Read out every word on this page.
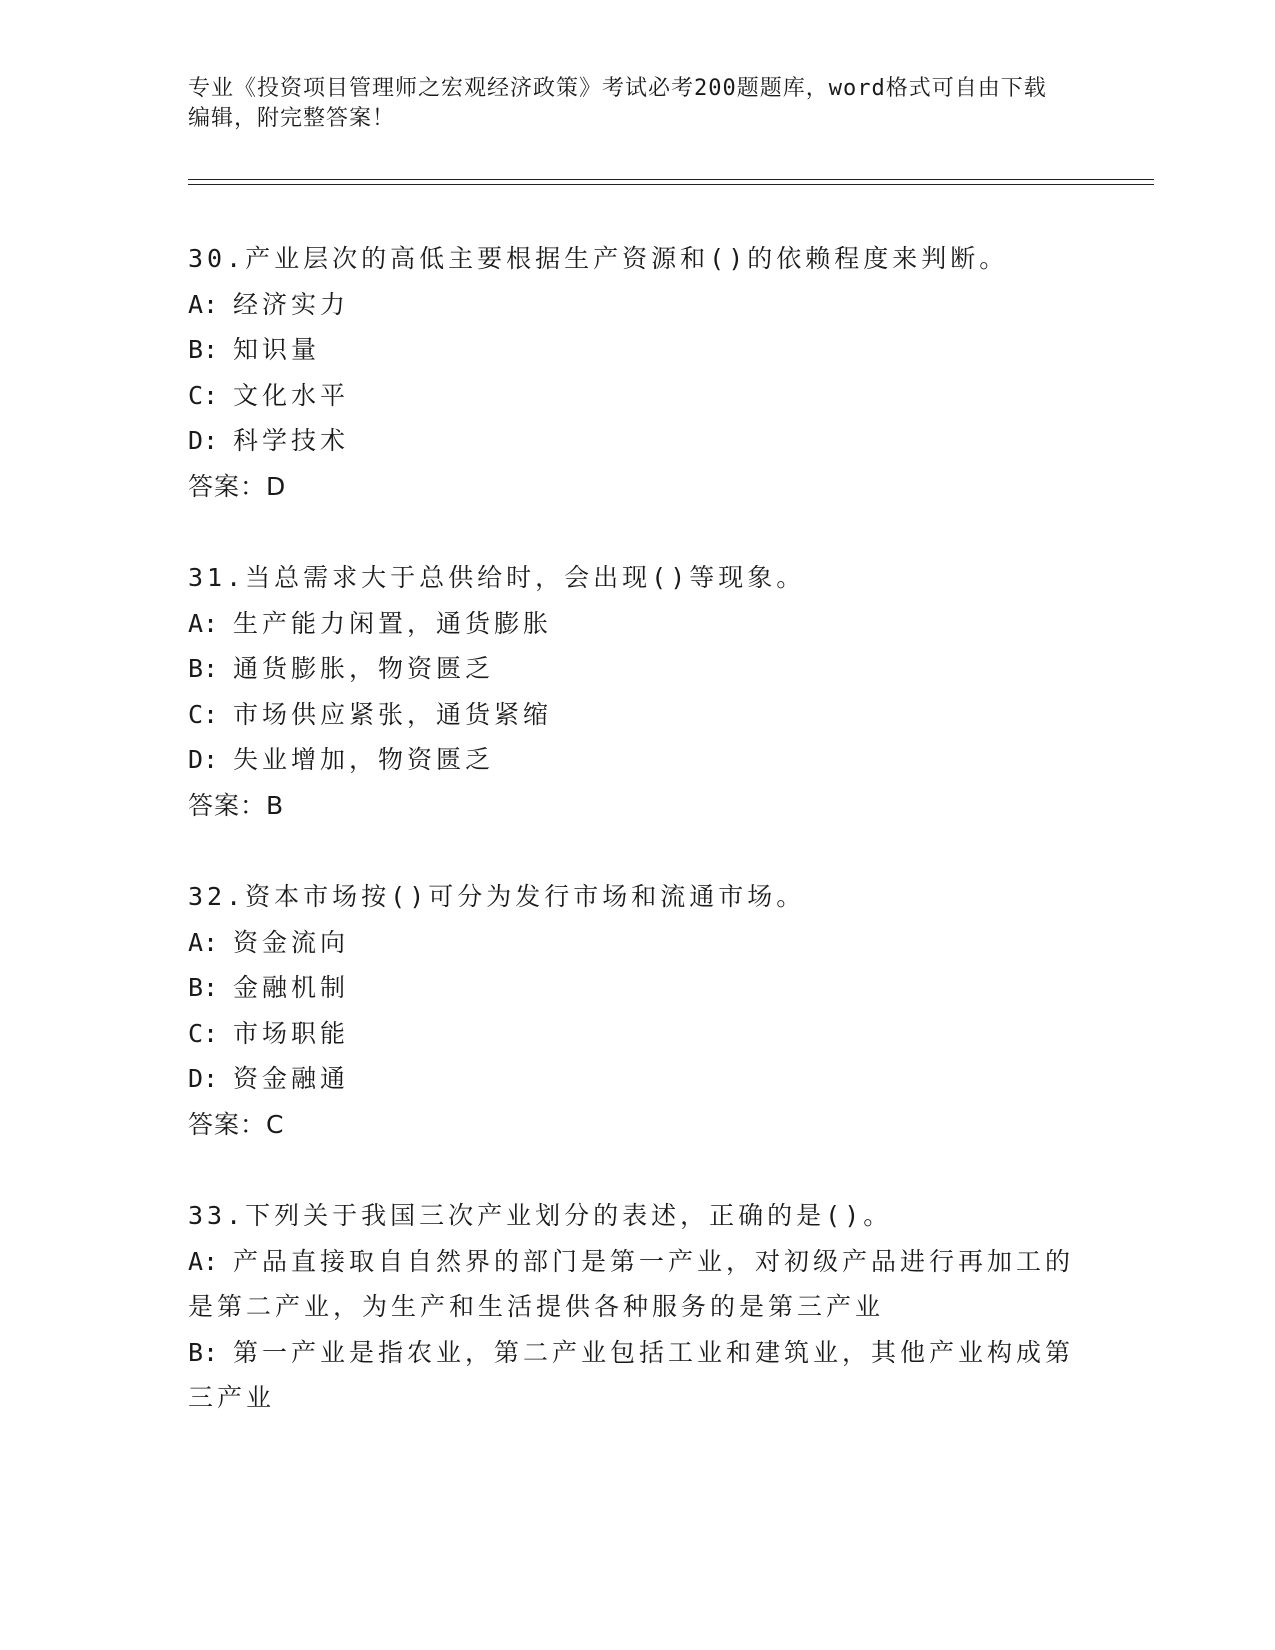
专业《投资项目管理师之宏观经济政策》考试必考200题题库，word格式可自由下载编辑，附完整答案！
30.产业层次的高低主要根据生产资源和()的依赖程度来判断。
A: 经济实力
B: 知识量
C: 文化水平
D: 科学技术
答案：D
31.当总需求大于总供给时，会出现()等现象。
A: 生产能力闲置，通货膨胀
B: 通货膨胀，物资匮乏
C: 市场供应紧张，通货紧缩
D: 失业增加，物资匮乏
答案：B
32.资本市场按()可分为发行市场和流通市场。
A: 资金流向
B: 金融机制
C: 市场职能
D: 资金融通
答案：C
33.下列关于我国三次产业划分的表述，正确的是()。
A: 产品直接取自自然界的部门是第一产业，对初级产品进行再加工的是第二产业，为生产和生活提供各种服务的是第三产业
B: 第一产业是指农业，第二产业包括工业和建筑业，其他产业构成第三产业
